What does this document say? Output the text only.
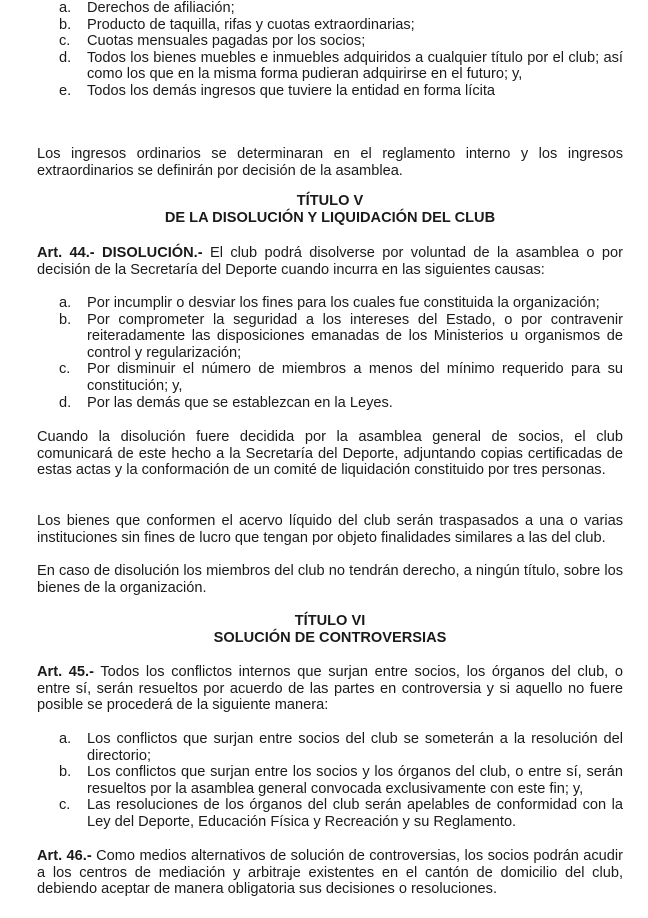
a.	Derechos de afiliación;
b.	Producto de taquilla, rifas y cuotas extraordinarias;
c.	Cuotas mensuales pagadas por los socios;
d.	Todos los bienes muebles e inmuebles adquiridos a cualquier título por el club; así como los que en la misma forma pudieran adquirirse en el futuro; y,
e.	Todos los demás ingresos que tuviere la entidad en forma lícita

Los ingresos ordinarios se determinaran en el reglamento interno y los ingresos extraordinarios se definirán por decisión de la asamblea.

TÍTULO V
DE LA DISOLUCIÓN Y LIQUIDACIÓN DEL CLUB

Art. 44.- DISOLUCIÓN.- El club podrá disolverse por voluntad de la asamblea o por decisión de la Secretaría del Deporte cuando incurra en las siguientes causas:

a.	Por incumplir o desviar los fines para los cuales fue constituida la organización;
b.	Por comprometer la seguridad a los intereses del Estado, o por contravenir reiteradamente las disposiciones emanadas de los Ministerios u organismos de control y regularización;
c.	Por disminuir el número de miembros a menos del mínimo requerido para su constitución; y,
d.	Por las demás que se establezcan en la Leyes.

Cuando la disolución fuere decidida por la asamblea general de socios, el club comunicará de este hecho a la Secretaría del Deporte, adjuntando copias certificadas de estas actas y la conformación de un comité de liquidación constituido por tres personas.

Los bienes que conformen el acervo líquido del club serán traspasados a una o varias instituciones sin fines de lucro que tengan por objeto finalidades similares a las del club.

En caso de disolución los miembros del club no tendrán derecho, a ningún título, sobre los bienes de la organización.

TÍTULO VI
SOLUCIÓN DE CONTROVERSIAS

Art. 45.- Todos los conflictos internos que surjan entre socios, los órganos del club, o entre sí, serán resueltos por acuerdo de las partes en controversia y si aquello no fuere posible se procederá de la siguiente manera:

a.	Los conflictos que surjan entre socios del club se someterán a la resolución del directorio;
b.	Los conflictos que surjan entre los socios y los órganos del club, o entre sí, serán resueltos por la asamblea general convocada exclusivamente con este fin; y,
c.	Las resoluciones de los órganos del club serán apelables de conformidad con la Ley del Deporte, Educación Física y Recreación y su Reglamento.

Art. 46.- Como medios alternativos de solución de controversias, los socios podrán acudir a los centros de mediación y arbitraje existentes en el cantón de domicilio del club, debiendo aceptar de manera obligatoria sus decisiones o resoluciones.
